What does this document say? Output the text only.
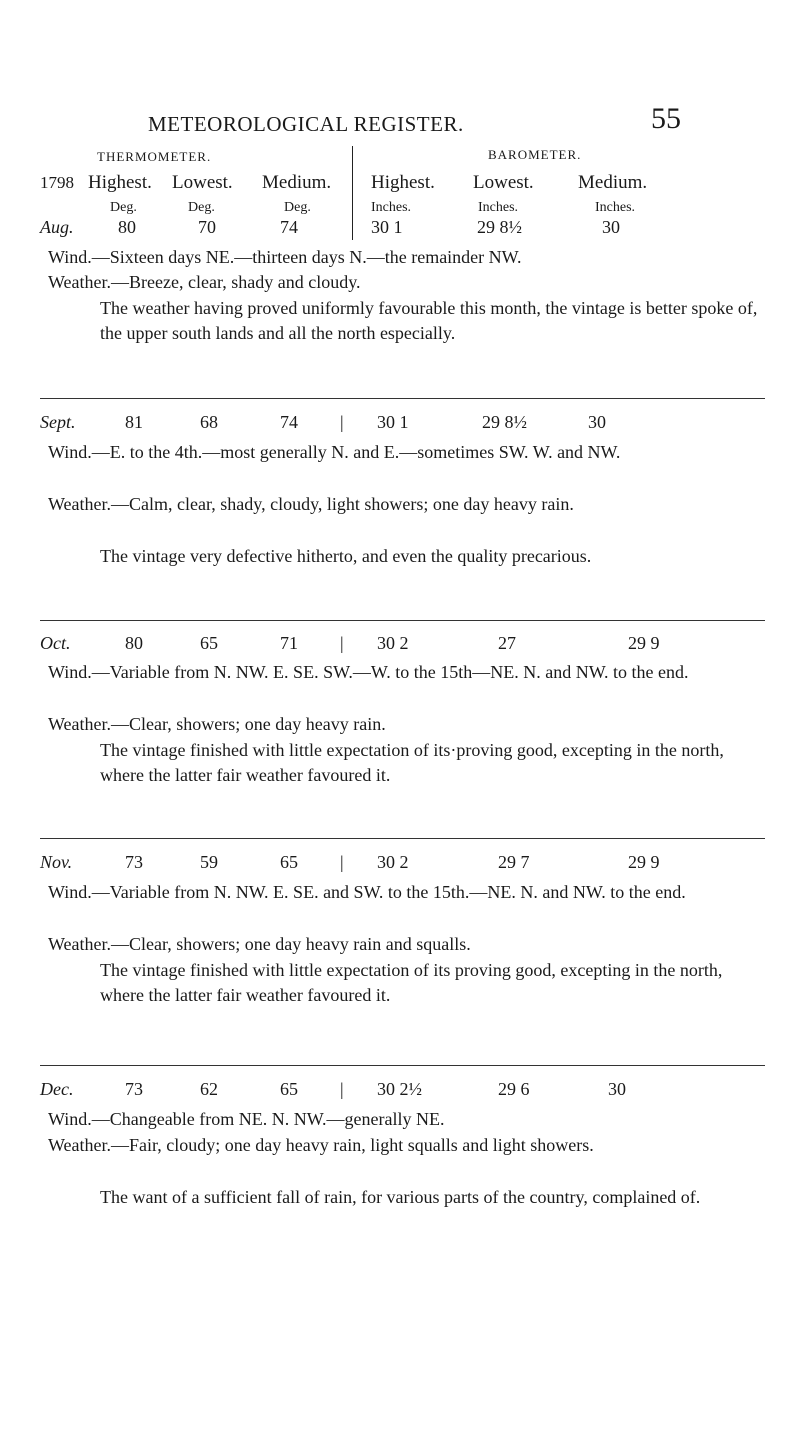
METEOROLOGICAL REGISTER.	55
THERMOMETER.	BAROMETER.
1798 Highest. Lowest. Medium.
Deg.	Deg.	Deg.
Highest. Lowest. Medium.
Inches.	Inches.	Inches.
Aug. 80	70	74	30 1	29 8½	30

Wind.—Sixteen days NE.—thirteen days N.—the remainder NW.

Weather.—Breeze, clear, shady and cloudy.

The weather having proved uniformly favourable this month, the vintage is better spoke of, the upper south lands and all the north especially.

Sept.	81	68	74 | 30 1	29 8½	30

Wind.—E. to the 4th.—most generally N. and E.—sometimes SW. W. and NW.

Weather.—Calm, clear, shady, cloudy, light showers; one day heavy rain.

The vintage very defective hitherto, and even the quality precarious.

Oct.	80	65	71 | 30 2	27	29 9

Wind.—Variable from N. NW. E. SE. SW.—W. to the 15th—NE. N. and NW. to the end.

Weather.—Clear, showers; one day heavy rain.

The vintage finished with little expectation of its·proving good, excepting in the north, where the latter fair weather favoured it.

Nov.	73	59	65 | 30 2	29 7	29 9

Wind.—Variable from N. NW. E. SE. and SW. to the 15th.—NE. N. and NW. to the end.

Weather.—Clear, showers; one day heavy rain and squalls.

The vintage finished with little expectation of its proving good, excepting in the north, where the latter fair weather favoured it.

Dec.	73	62	65 | 30 2½	29 6	30

Wind.—Changeable from NE. N. NW.—generally NE.

Weather.—Fair, cloudy; one day heavy rain, light squalls and light showers.

The want of a sufficient fall of rain, for various parts of the country, complained of.
